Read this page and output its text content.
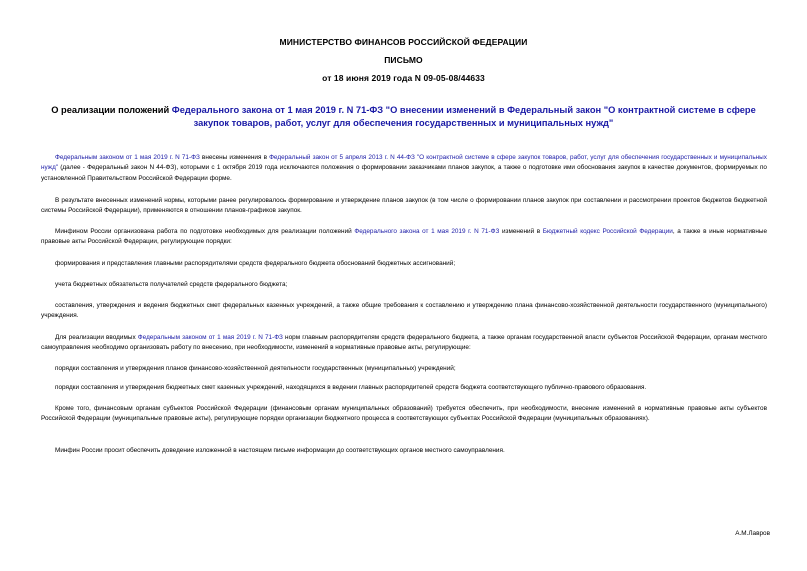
МИНИСТЕРСТВО ФИНАНСОВ РОССИЙСКОЙ ФЕДЕРАЦИИ
ПИСЬМО
от 18 июня 2019 года N 09-05-08/44633
О реализации положений Федерального закона от 1 мая 2019 г. N 71-ФЗ "О внесении изменений в Федеральный закон "О контрактной системе в сфере закупок товаров, работ, услуг для обеспечения государственных и муниципальных нужд"
Федеральным законом от 1 мая 2019 г. N 71-ФЗ внесены изменения в Федеральный закон от 5 апреля 2013 г. N 44-ФЗ "О контрактной системе в сфере закупок товаров, работ, услуг для обеспечения государственных и муниципальных нужд" (далее - Федеральный закон N 44-ФЗ), которыми с 1 октября 2019 года исключаются положения о формировании заказчиками планов закупок, а также о подготовке ими обоснования закупок в качестве документов, формируемых по установленной Правительством Российской Федерации форме.
В результате внесенных изменений нормы, которыми ранее регулировалось формирование и утверждение планов закупок (в том числе о формировании планов закупок при составлении и рассмотрении проектов бюджетов бюджетной системы Российской Федерации), применяются в отношении планов-графиков закупок.
Минфином России организована работа по подготовке необходимых для реализации положений Федерального закона от 1 мая 2019 г. N 71-ФЗ изменений в Бюджетный кодекс Российской Федерации, а также в иные нормативные правовые акты Российской Федерации, регулирующие порядки:
формирования и представления главными распорядителями средств федерального бюджета обоснований бюджетных ассигнований;
учета бюджетных обязательств получателей средств федерального бюджета;
составления, утверждения и ведения бюджетных смет федеральных казенных учреждений, а также общие требования к составлению и утверждению плана финансово-хозяйственной деятельности государственного (муниципального) учреждения.
Для реализации вводимых Федеральным законом от 1 мая 2019 г. N 71-ФЗ норм главным распорядителям средств федерального бюджета, а также органам государственной власти субъектов Российской Федерации, органам местного самоуправления необходимо организовать работу по внесению, при необходимости, изменений в нормативные правовые акты, регулирующие:
порядки составления и утверждения планов финансово-хозяйственной деятельности государственных (муниципальных) учреждений;
порядки составления и утверждения бюджетных смет казенных учреждений, находящихся в ведении главных распорядителей средств бюджета соответствующего публично-правового образования.
Кроме того, финансовым органам субъектов Российской Федерации (финансовым органам муниципальных образований) требуется обеспечить, при необходимости, внесение изменений в нормативные правовые акты субъектов Российской Федерации (муниципальные правовые акты), регулирующие порядки организации бюджетного процесса в соответствующих субъектах Российской Федерации (муниципальных образованиях).
Минфин России просит обеспечить доведение изложенной в настоящем письме информации до соответствующих органов местного самоуправления.
А.М.Лавров
